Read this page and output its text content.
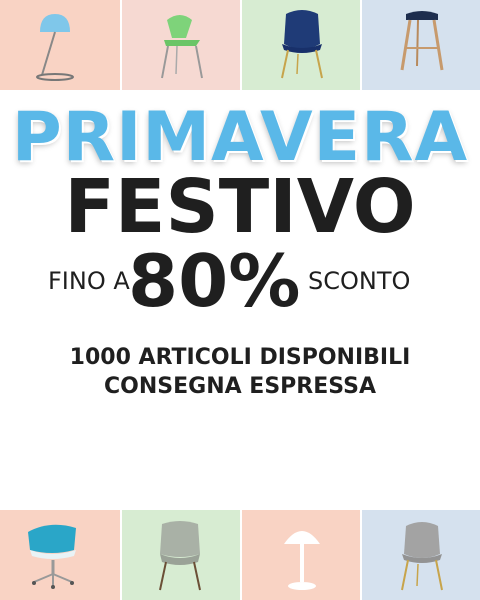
PRIMAVERA
FESTIVO
FINO A
80% SCONTO
1000 ARTICOLI DISPONIBILI
CONSEGNA ESPRESSA
